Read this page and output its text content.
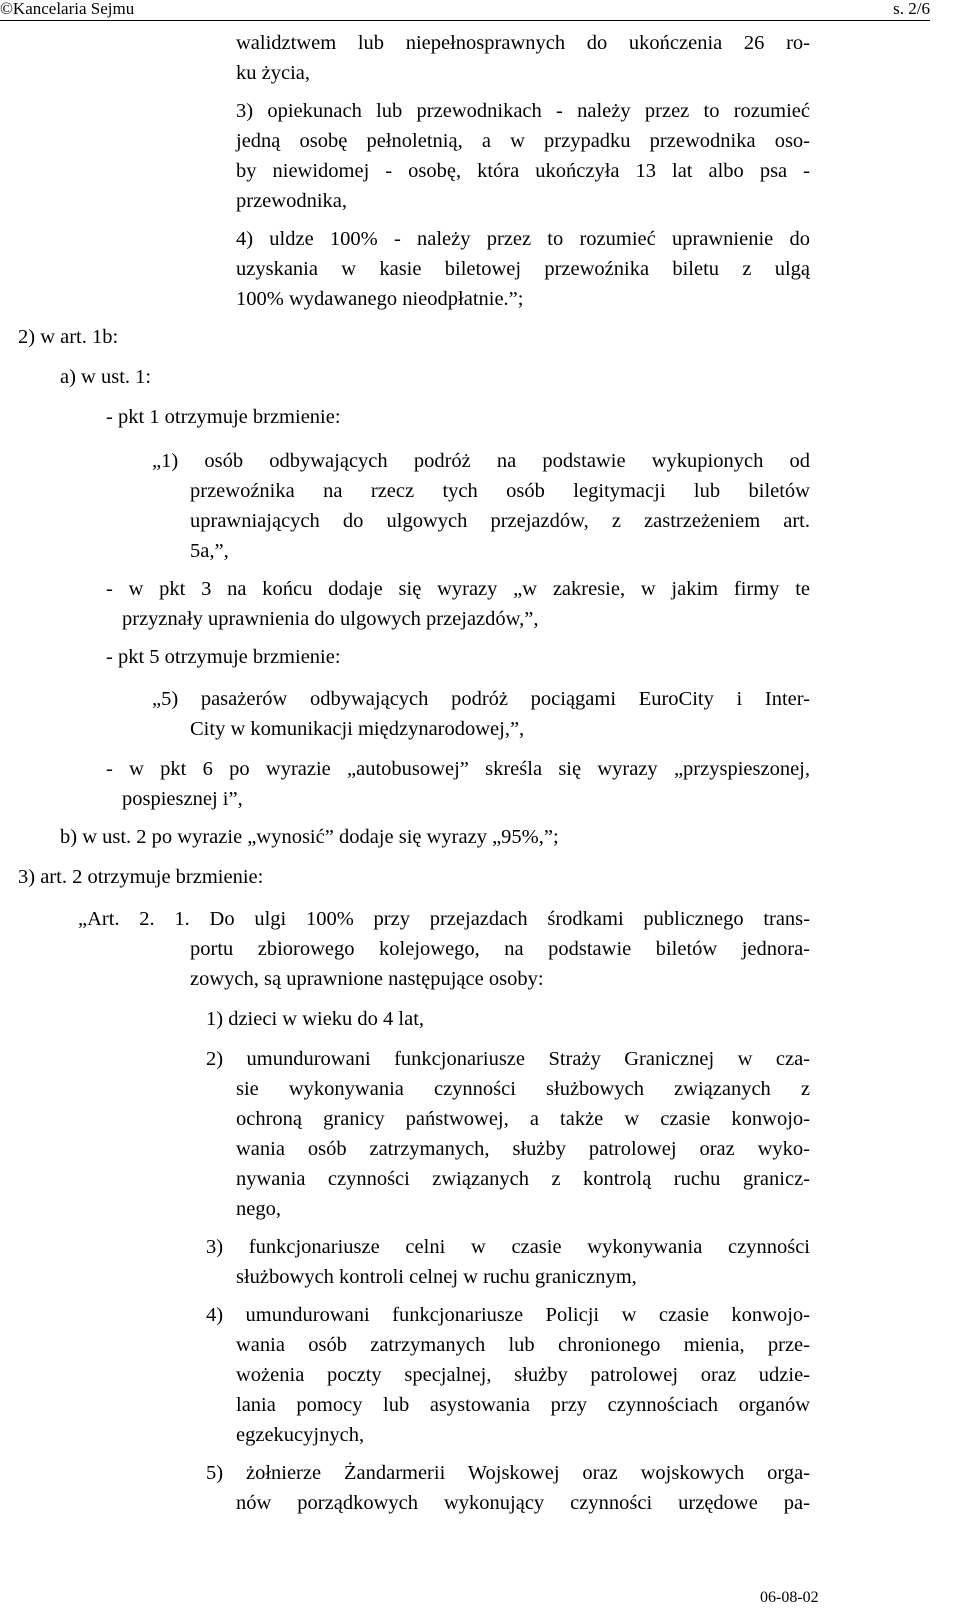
©Kancelaria Sejmu	s. 2/6
walidztwem lub niepełnosprawnych do ukończenia 26 ro-
ku życia,
3) opiekunach lub przewodnikach - należy przez to rozumieć
jedną osobę pełnoletnią, a w przypadku przewodnika oso-
by niewidomej - osobę, która ukończyła 13 lat albo psa -
przewodnika,
4) uldze 100% - należy przez to rozumieć uprawnienie do
uzyskania w kasie biletowej przewoźnika biletu z ulgą
100% wydawanego nieodpłatnie.”;
2) w art. 1b:
a) w ust. 1:
- pkt 1 otrzymuje brzmienie:
„1) osób odbywających podróż na podstawie wykupionych od
przewoźnika na rzecz tych osób legitymacji lub biletów
uprawniających do ulgowych przejazdów, z zastrzeżeniem art.
5a,”,
- w pkt 3 na końcu dodaje się wyrazy „w zakresie, w jakim firmy te
przyznały uprawnienia do ulgowych przejazdów,”,
- pkt 5 otrzymuje brzmienie:
„5) pasażerów odbywających podróż pociągami EuroCity i Inter-
City w komunikacji międzynarodowej,”,
- w pkt 6 po wyrazie „autobusowej” skreśla się wyrazy „przyspieszonej,
pospiesznej i”,
b) w ust. 2 po wyrazie „wynosić” dodaje się wyrazy „95%,”;
3) art. 2 otrzymuje brzmienie:
„Art. 2. 1. Do ulgi 100% przy przejazdach środkami publicznego trans-
portu zbiorowego kolejowego, na podstawie biletów jednora-
zowych, są uprawnione następujące osoby:
1) dzieci w wieku do 4 lat,
2) umundurowani funkcjonariusze Straży Granicznej w cza-
sie wykonywania czynności służbowych związanych z
ochroną granicy państwowej, a także w czasie konwojo-
wania osób zatrzymanych, służby patrolowej oraz wyko-
nywania czynności związanych z kontrolą ruchu granicz-
nego,
3) funkcjonariusze celni w czasie wykonywania czynności
służbowych kontroli celnej w ruchu granicznym,
4) umundurowani funkcjonariusze Policji w czasie konwojo-
wania osób zatrzymanych lub chronionego mienia, prze-
wożenia poczty specjalnej, służby patrolowej oraz udzie-
lania pomocy lub asystowania przy czynnościach organów
egzekucyjnych,
5) żołnierze Żandarmerii Wojskowej oraz wojskowych orga-
nów porządkowych wykonujący czynności urzędowe pa-
06-08-02
